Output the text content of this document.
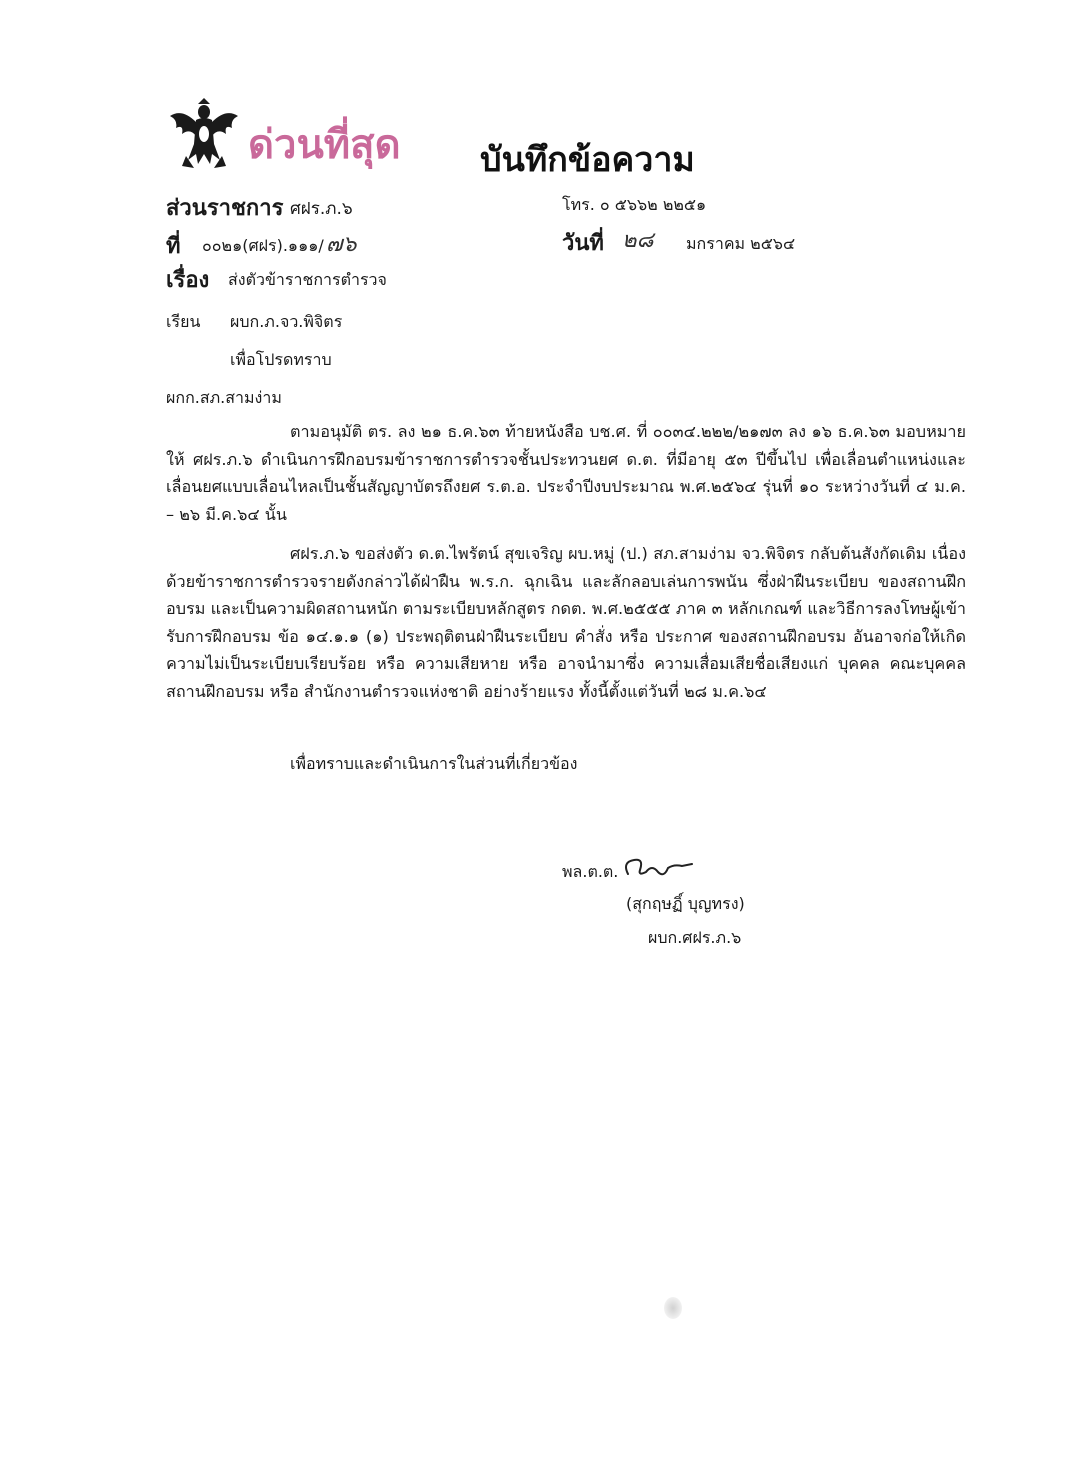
ด่วนที่สุด บันทึกข้อความ
ส่วนราชการ ศฝร.ภ.๖	โทร. ๐ ๕๖๖๒ ๒๒๕๑
ที่ ๐๐๒๑(ศฝร).๑๑๑/ ๗๖	วันที่ ๒๘ มกราคม ๒๕๖๔
เรื่อง ส่งตัวข้าราชการตำรวจ
เรียน ผบก.ภ.จว.พิจิตร
เพื่อโปรดทราบ
ผกก.สภ.สามง่าม

ตามอนุมัติ ตร. ลง ๒๑ ธ.ค.๖๓ ท้ายหนังสือ บช.ศ. ที่ ๐๐๓๔.๒๒๒/๒๑๗๓ ลง ๑๖ ธ.ค.๖๓ มอบหมายให้ ศฝร.ภ.๖ ดำเนินการฝึกอบรมข้าราชการตำรวจชั้นประทวนยศ ด.ต. ที่มีอายุ ๕๓ ปีขึ้นไป เพื่อเลื่อนตำแหน่งและเลื่อนยศแบบเลื่อนไหลเป็นชั้นสัญญาบัตรถึงยศ ร.ต.อ. ประจำปีงบประมาณ พ.ศ.๒๕๖๔ รุ่นที่ ๑๐ ระหว่างวันที่ ๔ ม.ค. – ๒๖ มี.ค.๖๔ นั้น

ศฝร.ภ.๖ ขอส่งตัว ด.ต.ไพรัตน์ สุขเจริญ ผบ.หมู่ (ป.) สภ.สามง่าม จว.พิจิตร กลับต้นสังกัดเดิม เนื่องด้วยข้าราชการตำรวจรายดังกล่าวได้ฝ่าฝืน พ.ร.ก. ฉุกเฉิน และลักลอบเล่นการพนัน ซึ่งฝ่าฝืนระเบียบ ของสถานฝึกอบรม และเป็นความผิดสถานหนัก ตามระเบียบหลักสูตร กดต. พ.ศ.๒๕๕๕ ภาค ๓ หลักเกณฑ์ และวิธีการลงโทษผู้เข้ารับการฝึกอบรม ข้อ ๑๔.๑.๑ (๑) ประพฤติตนฝ่าฝืนระเบียบ คำสั่ง หรือ ประกาศ ของสถานฝึกอบรม อันอาจก่อให้เกิดความไม่เป็นระเบียบเรียบร้อย หรือ ความเสียหาย หรือ อาจนำมาซึ่ง ความเสื่อมเสียชื่อเสียงแก่ บุคคล คณะบุคคล สถานฝึกอบรม หรือ สำนักงานตำรวจแห่งชาติ อย่างร้ายแรง ทั้งนี้ตั้งแต่วันที่ ๒๘ ม.ค.๖๔

เพื่อทราบและดำเนินการในส่วนที่เกี่ยวข้อง
พล.ต.ต.
(สุกฤษฏิ์ บุญทรง)
ผบก.ศฝร.ภ.๖
